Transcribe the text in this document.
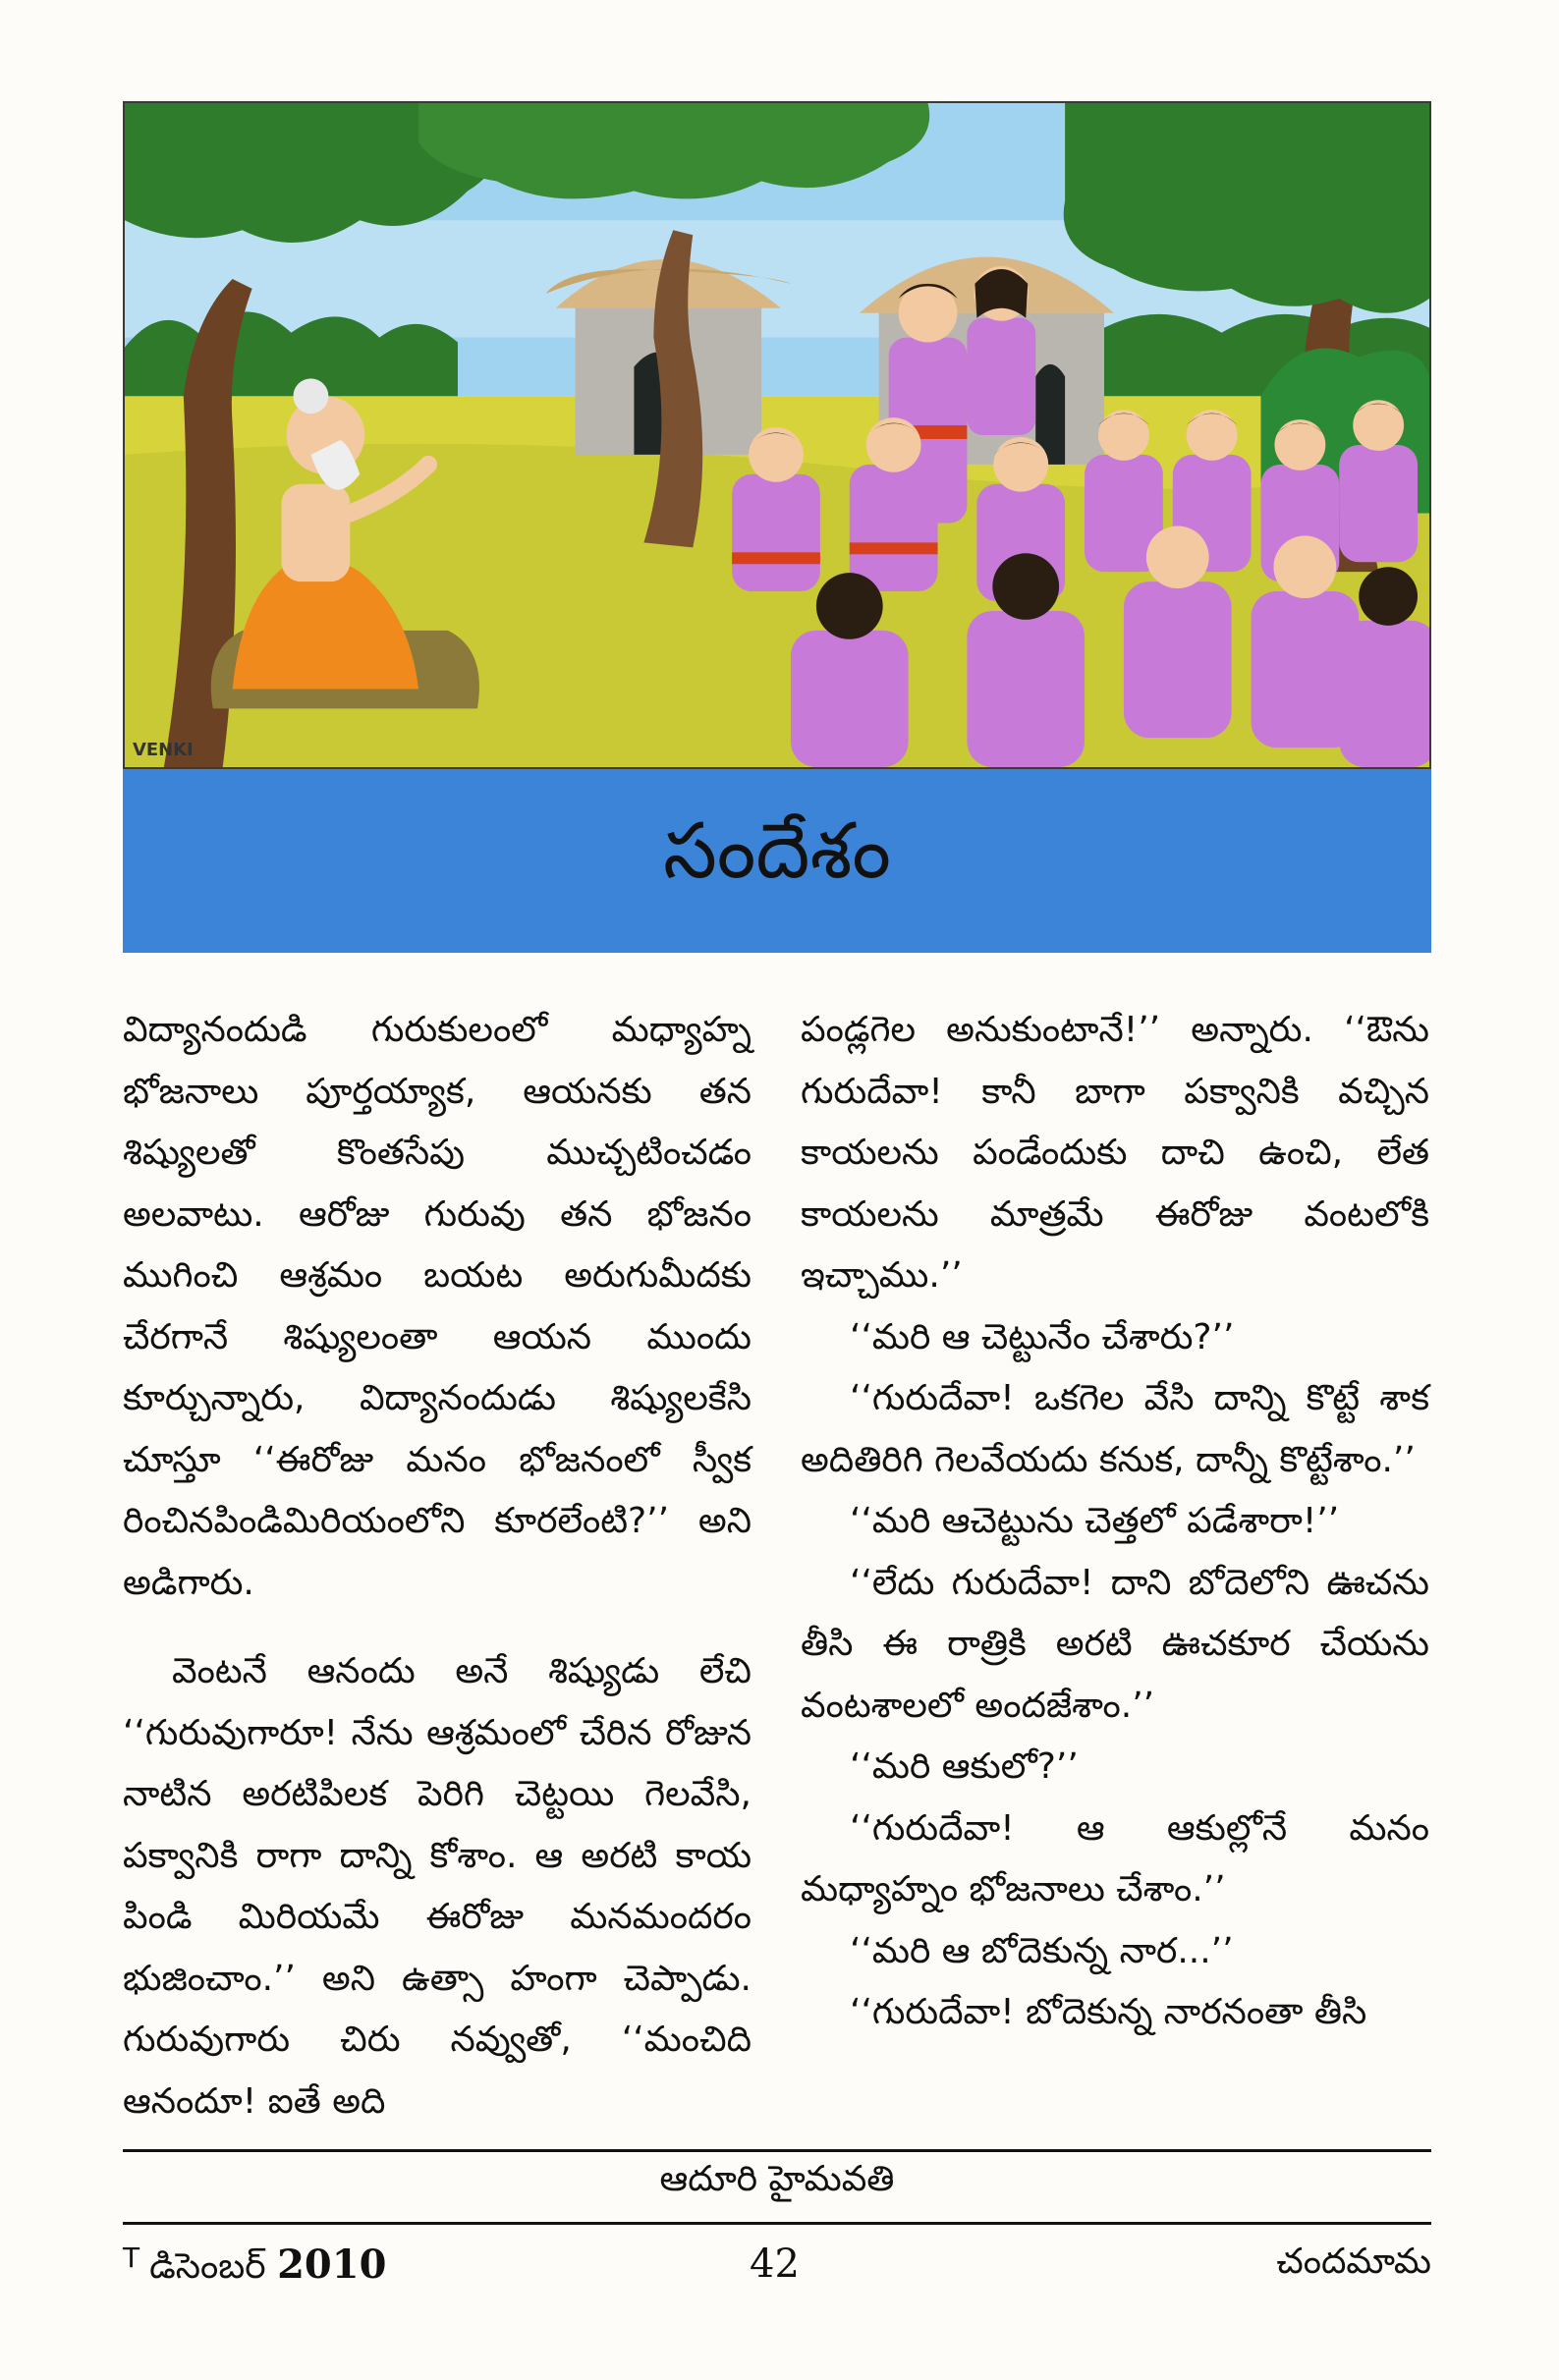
VENKI
సందేశం

విద్యానందుడి గురుకులంలో మధ్యాహ్న భోజనాలు పూర్తయ్యాక, ఆయనకు తన శిష్యులతో కొంతసేపు ముచ్చటించడం అలవాటు. ఆరోజు గురువు తన భోజనం ముగించి ఆశ్రమం బయట అరుగుమీదకు చేరగానే శిష్యులంతా ఆయన ముందు కూర్చున్నారు, విద్యానందుడు శిష్యులకేసి చూస్తూ ‘‘ఈరోజు మనం భోజనంలో స్వీక రించినపిండిమిరియంలోని కూరలేంటి?’’ అని అడిగారు.

వెంటనే ఆనందు అనే శిష్యుడు లేచి ‘‘గురువుగారూ! నేను ఆశ్రమంలో చేరిన రోజున నాటిన అరటిపిలక పెరిగి చెట్టయి గెలవేసి, పక్వానికి రాగా దాన్ని కోశాం. ఆ అరటి కాయ పిండి మిరియమే ఈరోజు మనమందరం భుజించాం.’’ అని ఉత్సా హంగా చెప్పాడు. గురువుగారు చిరు నవ్వుతో, ‘‘మంచిది ఆనందూ! ఐతే అది

పండ్లగెల అనుకుంటానే!’’ అన్నారు. ‘‘ఔను గురుదేవా! కానీ బాగా పక్వానికి వచ్చిన కాయలను పండేందుకు దాచి ఉంచి, లేత కాయలను మాత్రమే ఈరోజు వంటలోకి ఇచ్చాము.’’

‘‘మరి ఆ చెట్టునేం చేశారు?’’

‘‘గురుదేవా! ఒకగెల వేసి దాన్ని కొట్టే శాక అదితిరిగి గెలవేయదు కనుక, దాన్నీ కొట్టేశాం.’’

‘‘మరి ఆచెట్టును చెత్తలో పడేశారా!’’

‘‘లేదు గురుదేవా! దాని బోదెలోని ఊచను తీసి ఈ రాత్రికి అరటి ఊచకూర చేయను వంటశాలలో అందజేశాం.’’

‘‘మరి ఆకులో?’’

‘‘గురుదేవా! ఆ ఆకుల్లోనే మనం మధ్యాహ్నం భోజనాలు చేశాం.’’

‘‘మరి ఆ బోదెకున్న నార...’’

‘‘గురుదేవా! బోదెకున్న నారనంతా తీసి

ఆదూరి హైమవతి
$^T$ డిసెంబర్ 2010	42	చందమామ
